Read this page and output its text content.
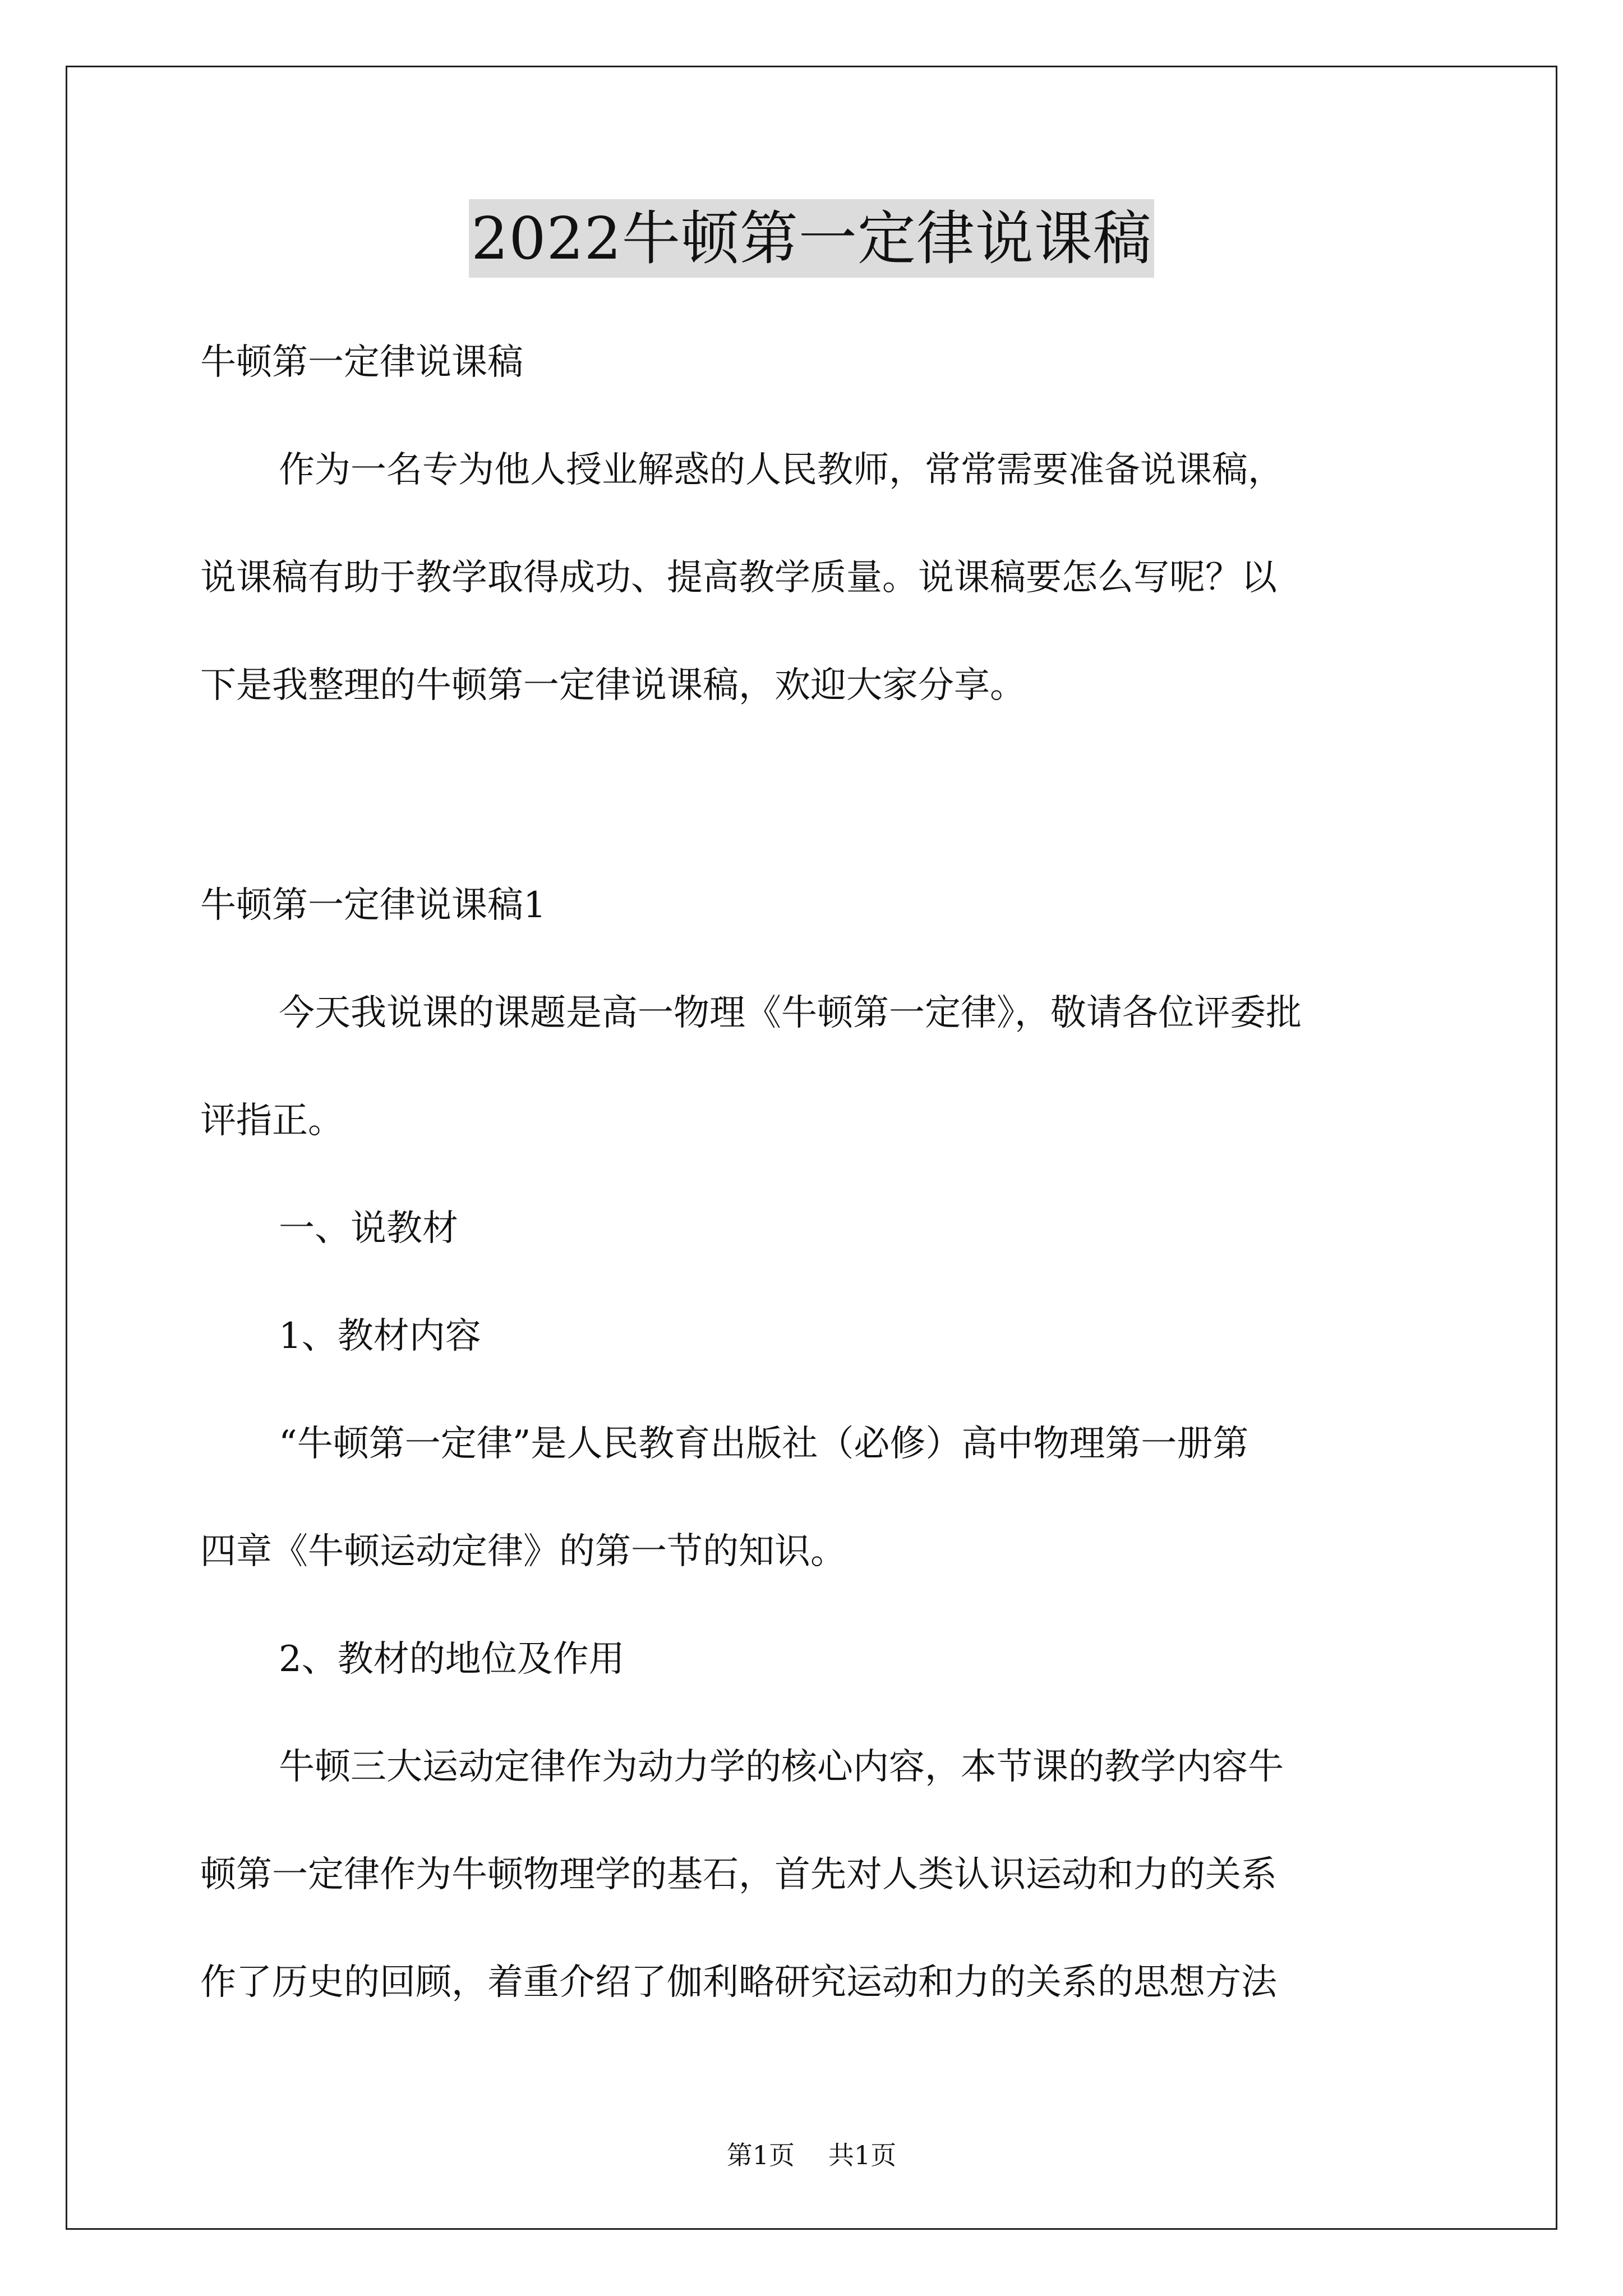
2022牛顿第一定律说课稿

牛顿第一定律说课稿

作为一名专为他人授业解惑的人民教师，常常需要准备说课稿，

说课稿有助于教学取得成功、提高教学质量。说课稿要怎么写呢？以

下是我整理的牛顿第一定律说课稿，欢迎大家分享。

牛顿第一定律说课稿1

今天我说课的课题是高一物理《牛顿第一定律》，敬请各位评委批

评指正。

一、说教材

1、教材内容

“牛顿第一定律”是人民教育出版社（必修）高中物理第一册第

四章《牛顿运动定律》的第一节的知识。

2、教材的地位及作用

牛顿三大运动定律作为动力学的核心内容，本节课的教学内容牛

顿第一定律作为牛顿物理学的基石，首先对人类认识运动和力的关系

作了历史的回顾，着重介绍了伽利略研究运动和力的关系的思想方法

第1页 共1页
